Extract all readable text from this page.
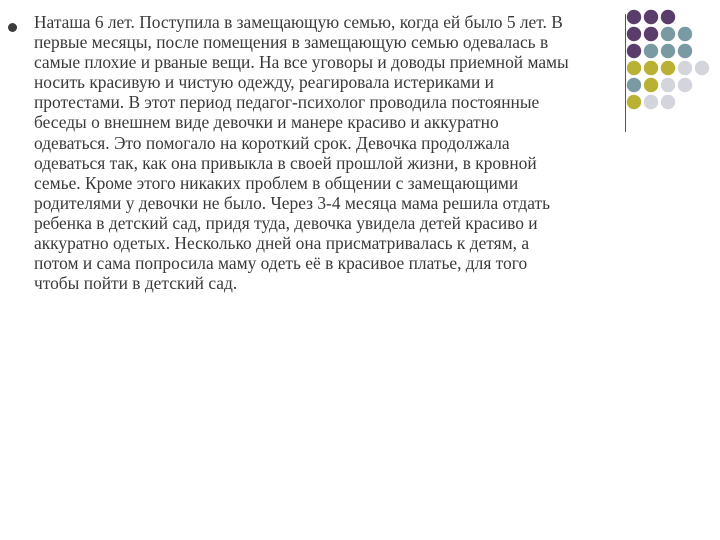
Наташа 6 лет. Поступила в замещающую семью, когда ей было 5 лет. В
первые месяцы, после помещения в замещающую семью одевалась в
самые плохие и рваные вещи. На все уговоры и доводы приемной мамы
носить красивую и чистую одежду, реагировала истериками и
протестами. В этот период педагог-психолог проводила постоянные
беседы о внешнем виде девочки и манере красиво и аккуратно
одеваться. Это помогало на короткий срок. Девочка продолжала
одеваться так, как она привыкла в своей прошлой жизни, в кровной
семье. Кроме этого никаких проблем в общении с замещающими
родителями у девочки не было. Через 3-4 месяца мама решила отдать
ребенка в детский сад, придя туда, девочка увидела детей красиво и
аккуратно одетых. Несколько дней она присматривалась к детям, а
потом и сама попросила маму одеть её в красивое платье, для того
чтобы пойти в детский сад.
